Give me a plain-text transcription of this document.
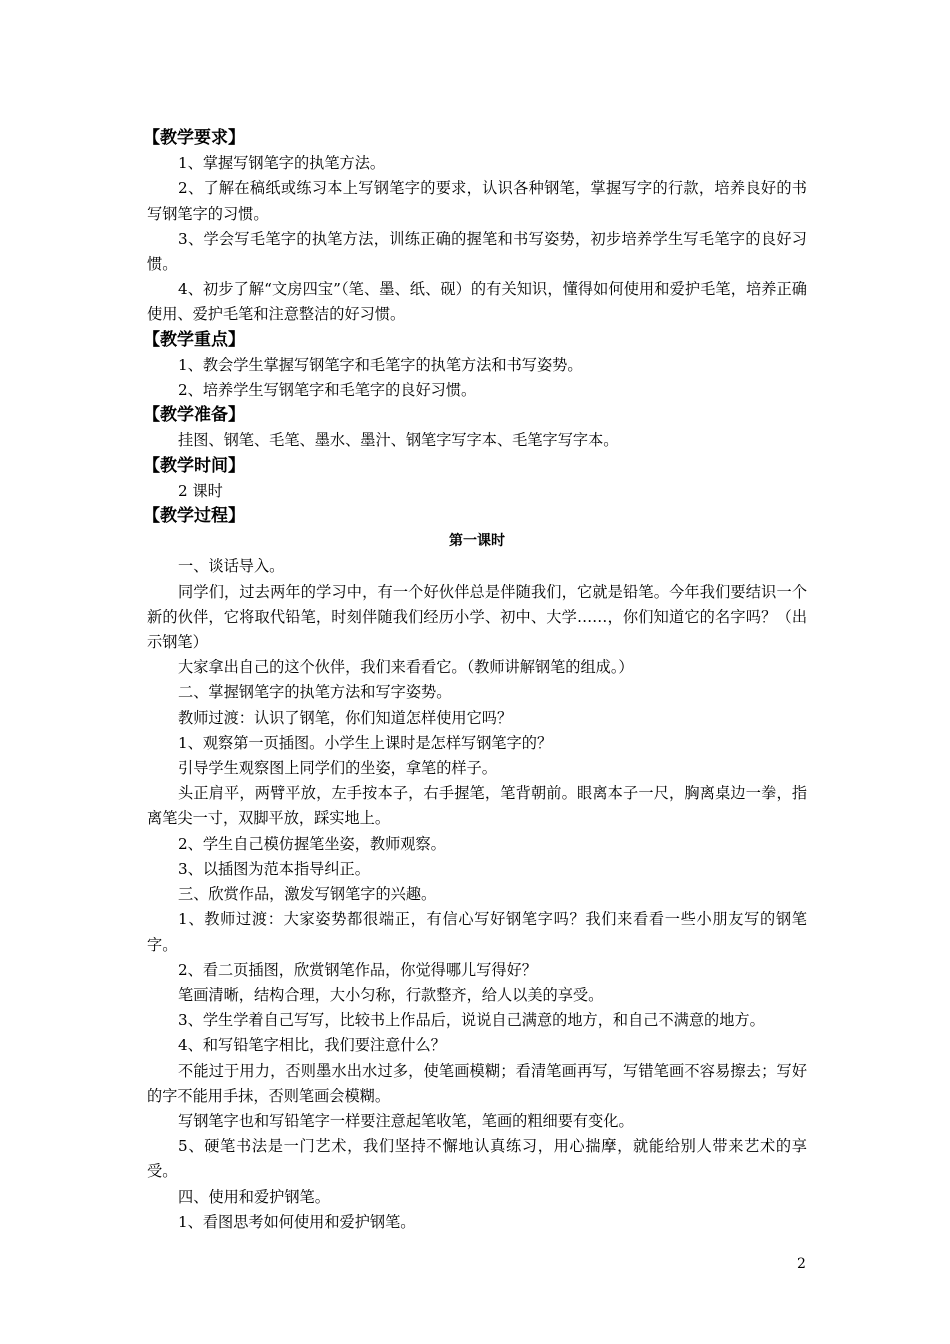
【教学要求】

1、掌握写钢笔字的执笔方法。

2、了解在稿纸或练习本上写钢笔字的要求，认识各种钢笔，掌握写字的行款，培养良好的书写钢笔字的习惯。

3、学会写毛笔字的执笔方法，训练正确的握笔和书写姿势，初步培养学生写毛笔字的良好习惯。

4、初步了解“文房四宝”（笔、墨、纸、砚）的有关知识，懂得如何使用和爱护毛笔，培养正确使用、爱护毛笔和注意整洁的好习惯。

【教学重点】

1、教会学生掌握写钢笔字和毛笔字的执笔方法和书写姿势。

2、培养学生写钢笔字和毛笔字的良好习惯。

【教学准备】

挂图、钢笔、毛笔、墨水、墨汁、钢笔字写字本、毛笔字写字本。

【教学时间】

2 课时

【教学过程】
第一课时

一、谈话导入。

同学们，过去两年的学习中，有一个好伙伴总是伴随我们，它就是铅笔。今年我们要结识一个新的伙伴，它将取代铅笔，时刻伴随我们经历小学、初中、大学……，你们知道它的名字吗？（出示钢笔）

大家拿出自己的这个伙伴，我们来看看它。（教师讲解钢笔的组成。）

二、掌握钢笔字的执笔方法和写字姿势。

教师过渡：认识了钢笔，你们知道怎样使用它吗？

1、观察第一页插图。小学生上课时是怎样写钢笔字的？

引导学生观察图上同学们的坐姿，拿笔的样子。

头正肩平，两臂平放，左手按本子，右手握笔，笔背朝前。眼离本子一尺，胸离桌边一拳，指离笔尖一寸，双脚平放，踩实地上。

2、学生自己模仿握笔坐姿，教师观察。

3、以插图为范本指导纠正。

三、欣赏作品，激发写钢笔字的兴趣。

1、教师过渡：大家姿势都很端正，有信心写好钢笔字吗？我们来看看一些小朋友写的钢笔字。

2、看二页插图，欣赏钢笔作品，你觉得哪儿写得好？

笔画清晰，结构合理，大小匀称，行款整齐，给人以美的享受。

3、学生学着自己写写，比较书上作品后，说说自己满意的地方，和自己不满意的地方。

4、和写铅笔字相比，我们要注意什么？

不能过于用力，否则墨水出水过多，使笔画模糊；看清笔画再写，写错笔画不容易擦去；写好的字不能用手抹，否则笔画会模糊。

写钢笔字也和写铅笔字一样要注意起笔收笔，笔画的粗细要有变化。

5、硬笔书法是一门艺术，我们坚持不懈地认真练习，用心揣摩，就能给别人带来艺术的享受。

四、使用和爱护钢笔。

1、看图思考如何使用和爱护钢笔。

2
